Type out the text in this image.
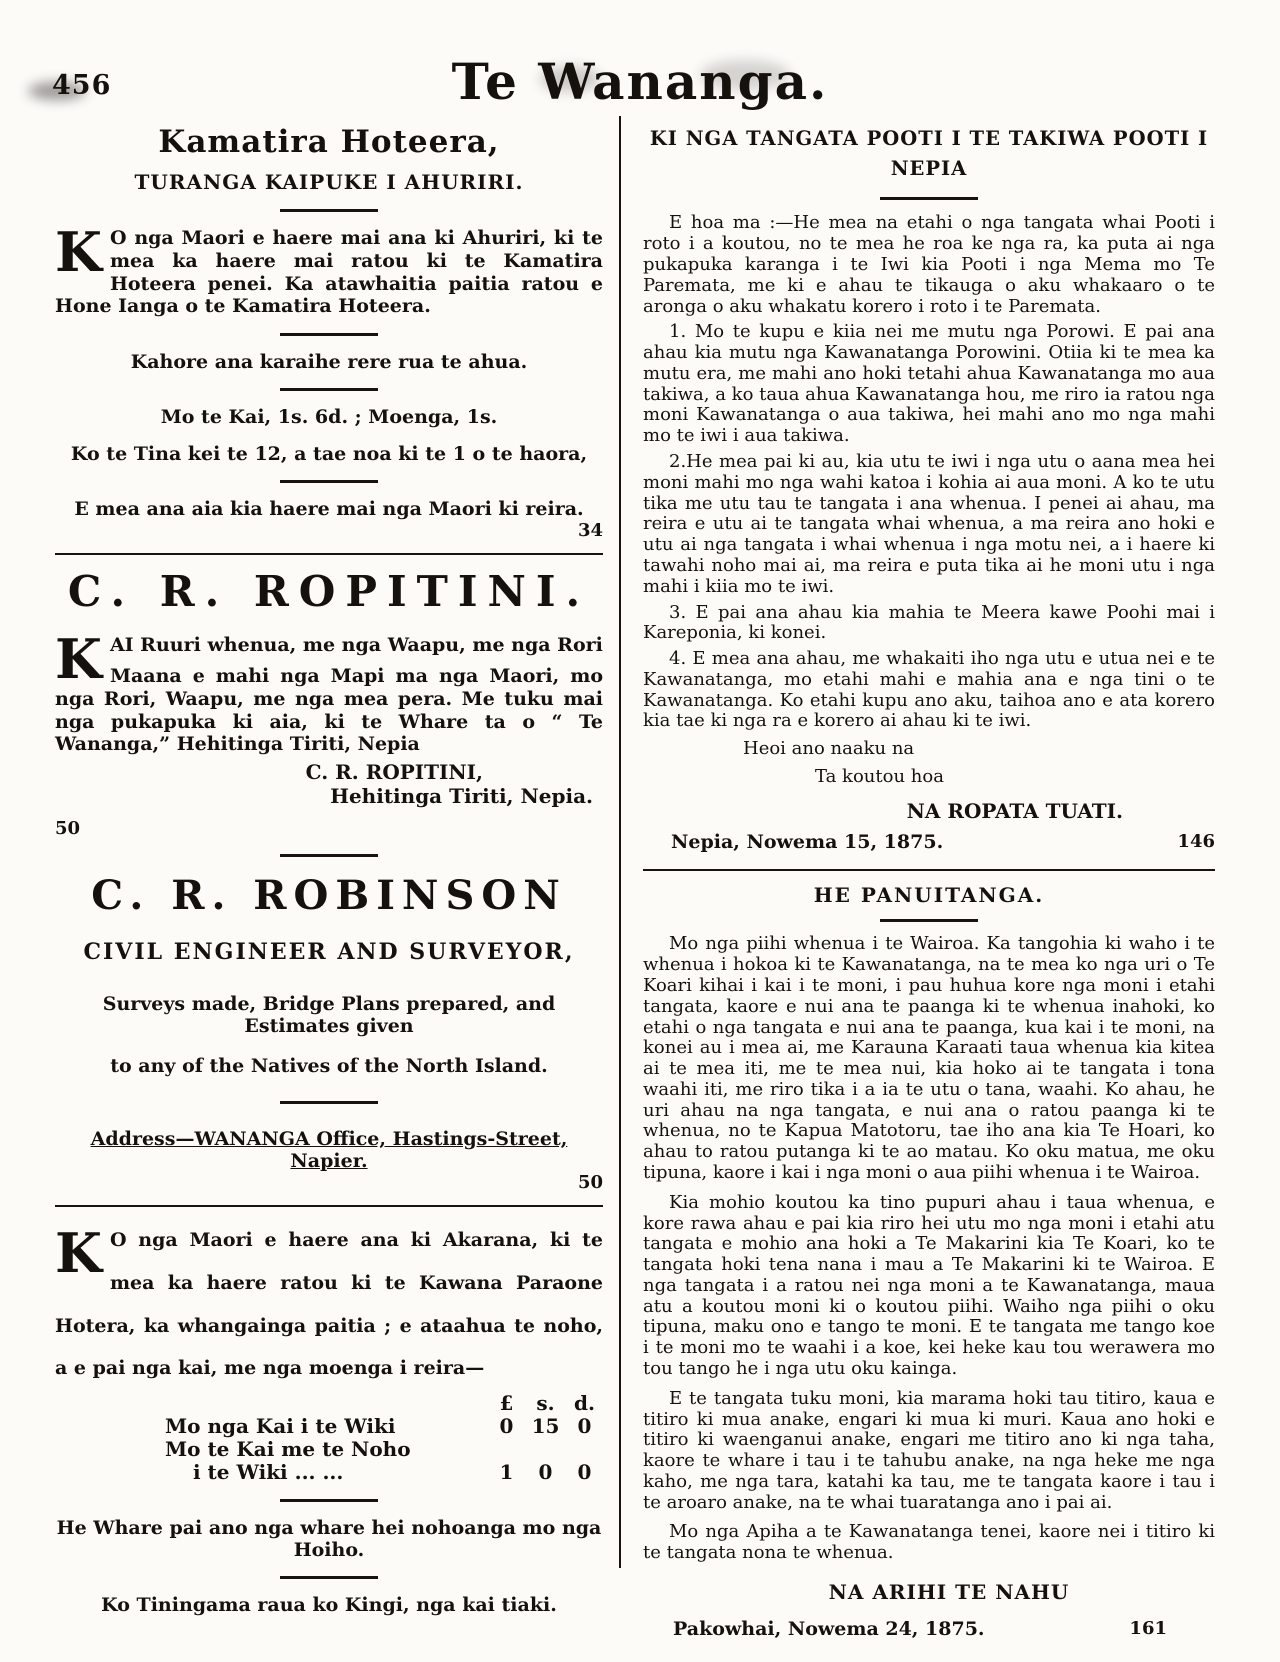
456	Te Wananga.
Kamatira Hoteera,
TURANGA KAIPUKE I AHURIRI.

K O nga Maori e haere mai ana ki Ahuriri, ki te mea ka haere mai ratou ki te Kamatira Hoteera penei. Ka atawhaitia paitia ratou e Hone Ianga o te Kamatira Hoteera.

Kahore ana karaihe rere rua te ahua.
Mo te Kai, 1s. 6d. ; Moenga, 1s.
Ko te Tina kei te 12, a tae noa ki te 1 o te haora,
E mea ana aia kia haere mai nga Maori ki reira.
34
C. R. ROPITINI.

K AI Ruuri whenua, me nga Waapu, me nga Rori
Maana e mahi nga Mapi ma nga Maori, mo nga Rori, Waapu, me nga mea pera. Me tuku mai nga pukapuka ki aia, ki te Whare ta o “ Te Wananga,” Hehitinga Tiriti, Nepia

C. R. ROPITINI,
Hehitinga Tiriti, Nepia.
50
C. R. ROBINSON
CIVIL ENGINEER AND SURVEYOR,
Surveys made, Bridge Plans prepared, and Estimates given
to any of the Natives of the North Island.
Address—WANANGA Office, Hastings-Street, Napier.
50

K O nga Maori e haere ana ki Akarana, ki te mea ka haere ratou ki te Kawana Paraone Hotera, ka whangainga paitia ; e ataahua te noho, a e pai nga kai, me nga moenga i reira—

£	s. d.
Mo nga Kai i te Wiki	0 15 0
Mo te Kai me te Noho
i te Wiki ... ...	1	0	0
He Whare pai ano nga whare hei nohoanga mo nga
Hoiho.
Ko Tiningama raua ko Kingi, nga kai tiaki.
KI NGA TANGATA POOTI I TE TAKIWA POOTI I
NEPIA

E hoa ma :—He mea na etahi o nga tangata whai Pooti i roto i a koutou, no te mea he roa ke nga ra, ka puta ai nga pukapuka karanga i te Iwi kia Pooti i nga Mema mo Te Paremata, me ki e ahau te tikauga o aku whakaaro o te aronga o aku whakatu korero i roto i te Paremata.

1. Mo te kupu e kiia nei me mutu nga Porowi. E pai ana ahau kia mutu nga Kawanatanga Porowini. Otiia ki te mea ka mutu era, me mahi ano hoki tetahi ahua Kawanatanga mo aua takiwa, a ko taua ahua Kawanatanga hou, me riro ia ratou nga moni Kawanatanga o aua takiwa, hei mahi ano mo nga mahi mo te iwi i aua takiwa.

2.He mea pai ki au, kia utu te iwi i nga utu o aana mea hei moni mahi mo nga wahi katoa i kohia ai aua moni. A ko te utu tika me utu tau te tangata i ana whenua. I penei ai ahau, ma reira e utu ai te tangata whai whenua, a ma reira ano hoki e utu ai nga tangata i whai whenua i nga motu nei, a i haere ki tawahi noho mai ai, ma reira e puta tika ai he moni utu i nga mahi i kiia mo te iwi.

3. E pai ana ahau kia mahia te Meera kawe Poohi mai i Kareponia, ki konei.

4. E mea ana ahau, me whakaiti iho nga utu e utua nei e te Kawanatanga, mo etahi mahi e mahia ana e nga tini o te Kawanatanga. Ko etahi kupu ano aku, taihoa ano e ata korero kia tae ki nga ra e korero ai ahau ki te iwi.

Heoi ano naaku na
Ta koutou hoa
NA ROPATA TUATI.
Nepia, Nowema 15, 1875.	146
HE PANUITANGA.

Mo nga piihi whenua i te Wairoa. Ka tangohia ki waho i te whenua i hokoa ki te Kawanatanga, na te mea ko nga uri o Te Koari kihai i kai i te moni, i pau huhua kore nga moni i etahi tangata, kaore e nui ana te paanga ki te whenua inahoki, ko etahi o nga tangata e nui ana te paanga, kua kai i te moni, na konei au i mea ai, me Karauna Karaati taua whenua kia kitea ai te mea iti, me te mea nui, kia hoko ai te tangata i tona waahi iti, me riro tika i a ia te utu o tana, waahi. Ko ahau, he uri ahau na nga tangata, e nui ana o ratou paanga ki te whenua, no te Kapua Matotoru, tae iho ana kia Te Hoari, ko ahau to ratou putanga ki te ao matau. Ko oku matua, me oku tipuna, kaore i kai i nga moni o aua piihi whenua i te Wairoa.

Kia mohio koutou ka tino pupuri ahau i taua whenua, e kore rawa ahau e pai kia riro hei utu mo nga moni i etahi atu tangata e mohio ana hoki a Te Makarini kia Te Koari, ko te tangata hoki tena nana i mau a Te Makarini ki te Wairoa. E nga tangata i a ratou nei nga moni a te Kawanatanga, maua atu a koutou moni ki o koutou piihi. Waiho nga piihi o oku tipuna, maku ono e tango te moni. E te tangata me tango koe i te moni mo te waahi i a koe, kei heke kau tou werawera mo tou tango he i nga utu oku kainga.

E te tangata tuku moni, kia marama hoki tau titiro, kaua e titiro ki mua anake, engari ki mua ki muri. Kaua ano hoki e titiro ki waenganui anake, engari me titiro ano ki nga taha, kaore te whare i tau i te tahubu anake, na nga heke me nga kaho, me nga tara, katahi ka tau, me te tangata kaore i tau i te aroaro anake, na te whai tuaratanga ano i pai ai.

Mo nga Apiha a te Kawanatanga tenei, kaore nei i titiro ki te tangata nona te whenua.

NA ARIHI TE NAHU
Pakowhai, Nowema 24, 1875.	161
